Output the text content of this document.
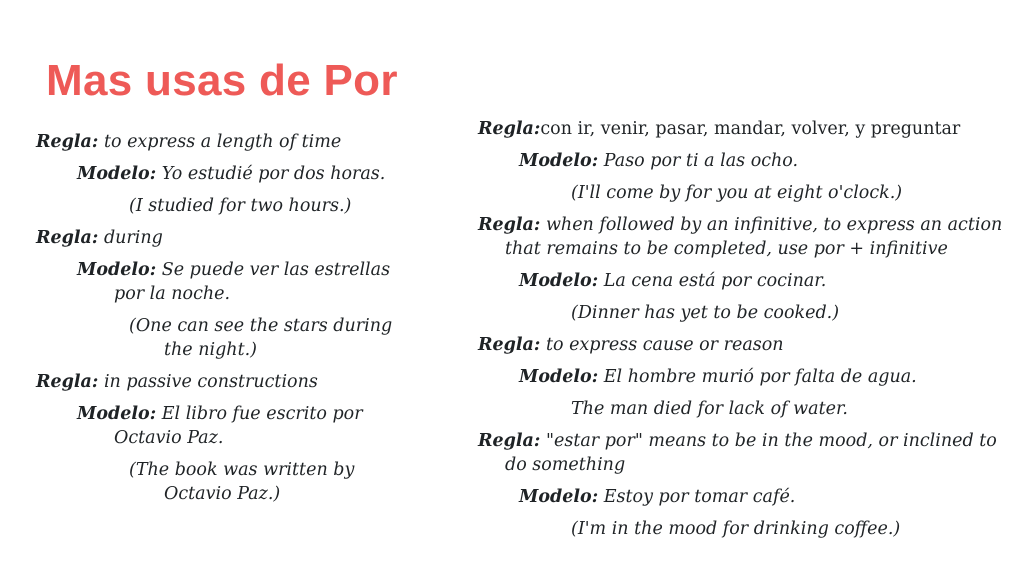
Mas usas de Por
Regla: to express a length of time
Modelo: Yo estudié por dos horas.
(I studied for two hours.)
Regla: during
Modelo: Se puede ver las estrellas por la noche.
(One can see the stars during the night.)
Regla: in passive constructions
Modelo: El libro fue escrito por Octavio Paz.
(The book was written by Octavio Paz.)
Regla:con ir, venir, pasar, mandar, volver, y preguntar
Modelo: Paso por ti a las ocho.
(I'll come by for you at eight o'clock.)
Regla: when followed by an infinitive, to express an action that remains to be completed, use por + infinitive
Modelo: La cena está por cocinar.
(Dinner has yet to be cooked.)
Regla: to express cause or reason
Modelo: El hombre murió por falta de agua.
The man died for lack of water.
Regla: "estar por" means to be in the mood, or inclined to do something
Modelo: Estoy por tomar café.
(I'm in the mood for drinking coffee.)
